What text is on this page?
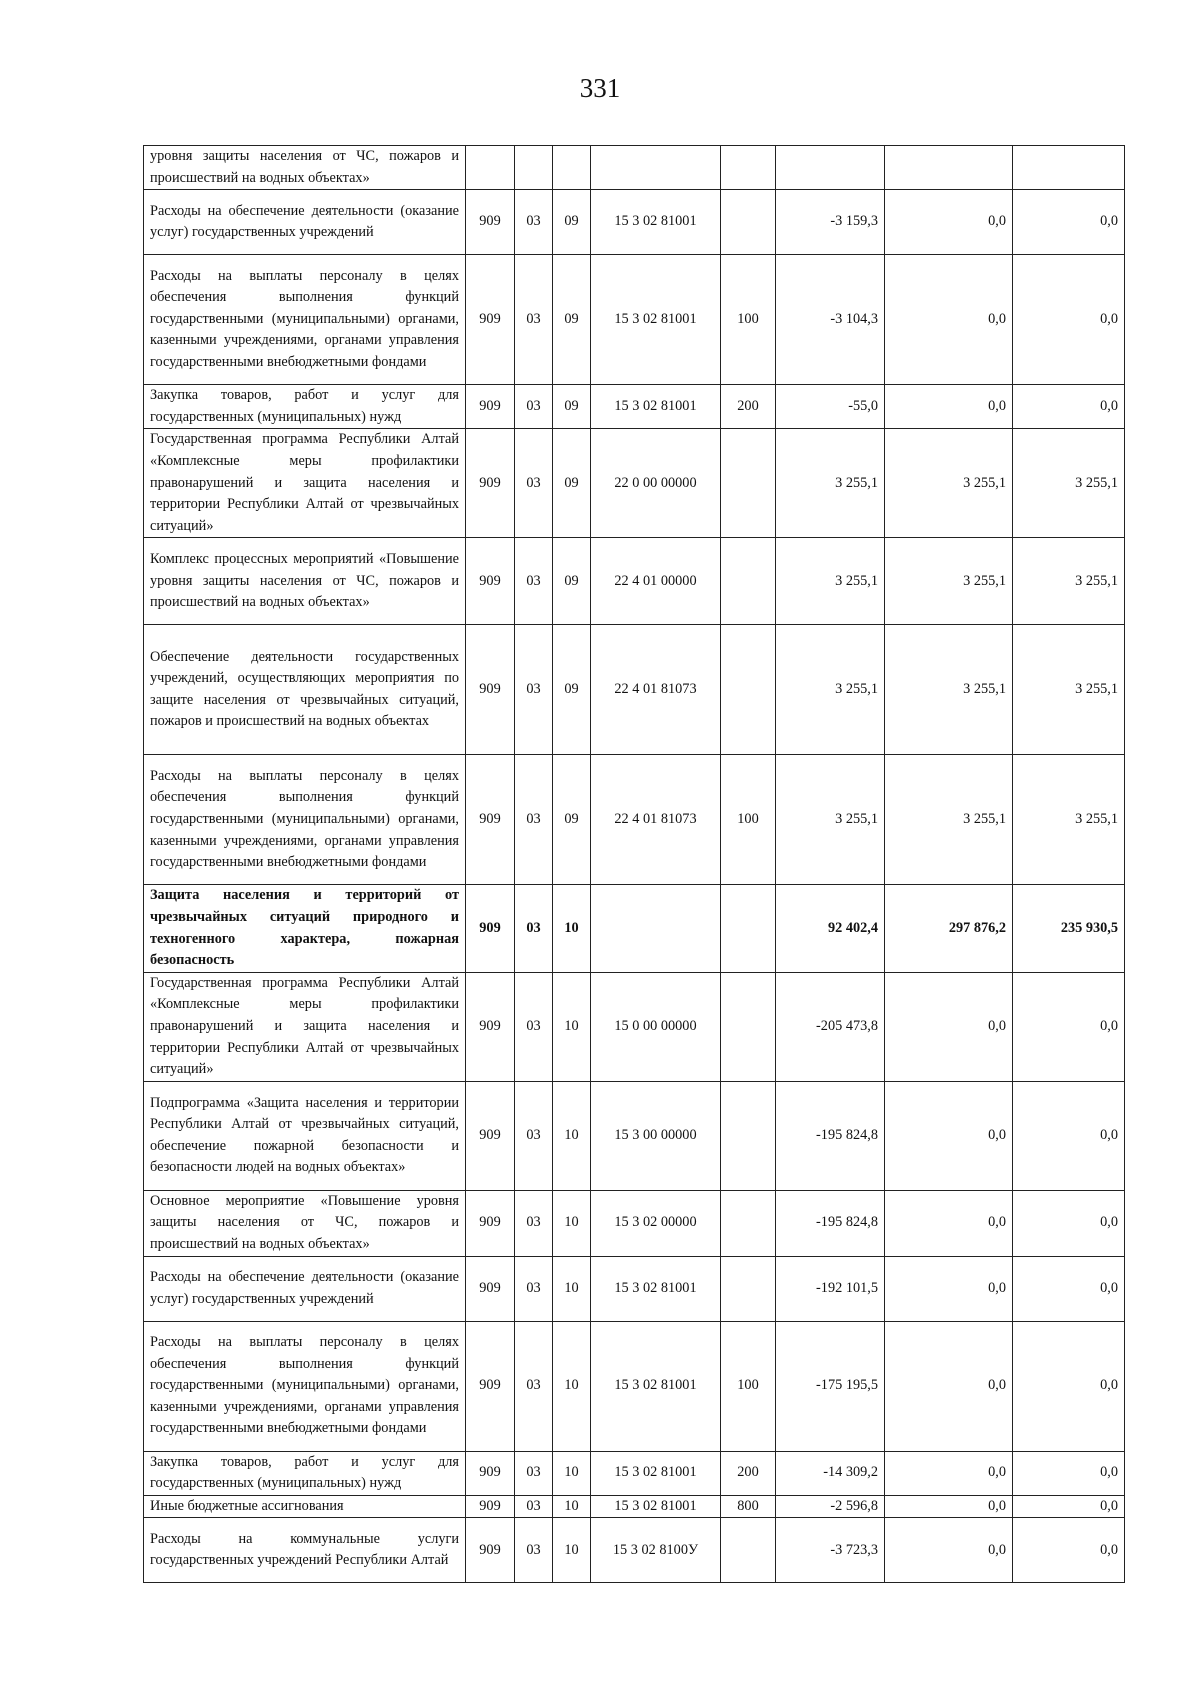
331
уровня защиты населения от ЧС, пожаров и происшествий на водных объектах»								
Расходы на обеспечение деятельности (оказание услуг) государственных учреждений	909	03	09	15 3 02 81001		-3 159,3	0,0	0,0
Расходы на выплаты персоналу в целях обеспечения выполнения функций государственными (муниципальными) органами, казенными учреждениями, органами управления государственными внебюджетными фондами	909	03	09	15 3 02 81001	100	-3 104,3	0,0	0,0
Закупка товаров, работ и услуг для государственных (муниципальных) нужд	909	03	09	15 3 02 81001	200	-55,0	0,0	0,0
Государственная программа Республики Алтай «Комплексные меры профилактики правонарушений и защита населения и территории Республики Алтай от чрезвычайных ситуаций»	909	03	09	22 0 00 00000		3 255,1	3 255,1	3 255,1
Комплекс процессных мероприятий «Повышение уровня защиты населения от ЧС, пожаров и происшествий на водных объектах»	909	03	09	22 4 01 00000		3 255,1	3 255,1	3 255,1
Обеспечение деятельности государственных учреждений, осуществляющих мероприятия по защите населения от чрезвычайных ситуаций, пожаров и происшествий на водных объектах	909	03	09	22 4 01 81073		3 255,1	3 255,1	3 255,1
Расходы на выплаты персоналу в целях обеспечения выполнения функций государственными (муниципальными) органами, казенными учреждениями, органами управления государственными внебюджетными фондами	909	03	09	22 4 01 81073	100	3 255,1	3 255,1	3 255,1
Защита населения и территорий от чрезвычайных ситуаций природного и техногенного характера, пожарная безопасность	909	03	10			92 402,4	297 876,2	235 930,5
Государственная программа Республики Алтай «Комплексные меры профилактики правонарушений и защита населения и территории Республики Алтай от чрезвычайных ситуаций»	909	03	10	15 0 00 00000		-205 473,8	0,0	0,0
Подпрограмма «Защита населения и территории Республики Алтай от чрезвычайных ситуаций, обеспечение пожарной безопасности и безопасности людей на водных объектах»	909	03	10	15 3 00 00000		-195 824,8	0,0	0,0
Основное мероприятие «Повышение уровня защиты населения от ЧС, пожаров и происшествий на водных объектах»	909	03	10	15 3 02 00000		-195 824,8	0,0	0,0
Расходы на обеспечение деятельности (оказание услуг) государственных учреждений	909	03	10	15 3 02 81001		-192 101,5	0,0	0,0
Расходы на выплаты персоналу в целях обеспечения выполнения функций государственными (муниципальными) органами, казенными учреждениями, органами управления государственными внебюджетными фондами	909	03	10	15 3 02 81001	100	-175 195,5	0,0	0,0
Закупка товаров, работ и услуг для государственных (муниципальных) нужд	909	03	10	15 3 02 81001	200	-14 309,2	0,0	0,0
Иные бюджетные ассигнования	909	03	10	15 3 02 81001	800	-2 596,8	0,0	0,0
Расходы на коммунальные услуги государственных учреждений Республики Алтай	909	03	10	15 3 02 8100У		-3 723,3	0,0	0,0
